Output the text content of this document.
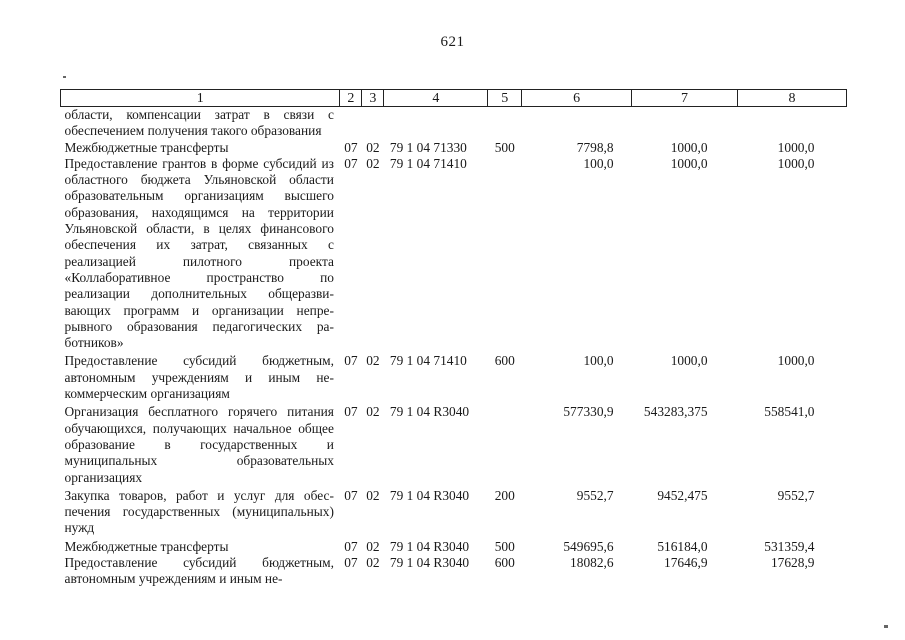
621
1	2	3	4	5	6	7	8
области, компенсации затрат в связи с обеспечением получения такого образования							
Межбюджетные трансферты	07	02	79 1 04 71330	500	7798,8	1000,0	1000,0
Предоставление грантов в форме субсидий из областного бюджета Ульяновской области образовательным организациям высшего образования, находящимся на территории Ульяновской области, в целях финансового обеспечения их затрат, связанных с реализацией пилотного проекта «Коллаборативное пространство по реализации дополнительных общеразвивающих программ и организации непрерывного образования педагогических работников»	07	02	79 1 04 71410		100,0	1000,0	1000,0
Предоставление субсидий бюджетным, автономным учреждениям и иным некоммерческим организациям	07	02	79 1 04 71410	600	100,0	1000,0	1000,0
Организация бесплатного горячего питания обучающихся, получающих начальное общее образование в государственных и муниципальных образовательных организациях	07	02	79 1 04 R3040		577330,9	543283,375	558541,0
Закупка товаров, работ и услуг для обеспечения государственных (муниципальных) нужд	07	02	79 1 04 R3040	200	9552,7	9452,475	9552,7
Межбюджетные трансферты	07	02	79 1 04 R3040	500	549695,6	516184,0	531359,4
Предоставление субсидий бюджетным, автономным учреждениям и иным не-	07	02	79 1 04 R3040	600	18082,6	17646,9	17628,9
